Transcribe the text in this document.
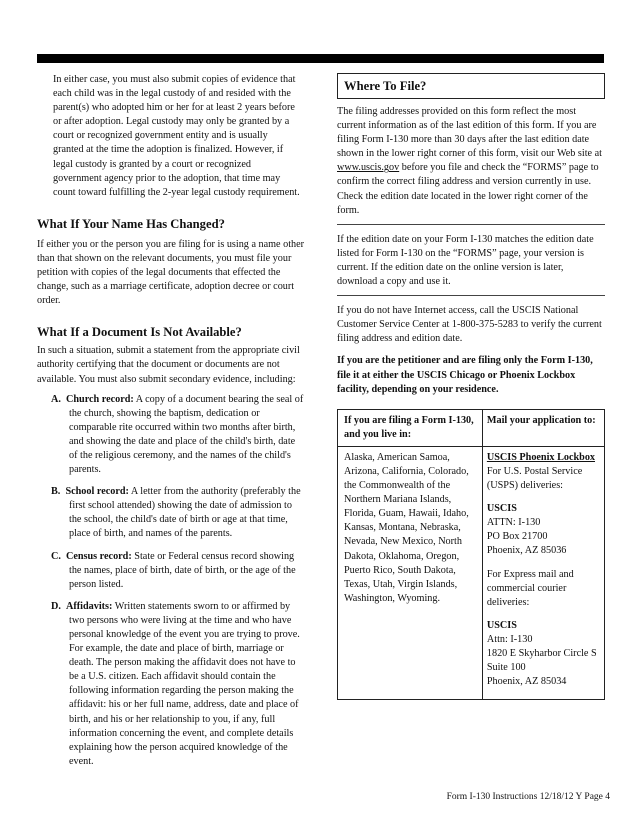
In either case, you must also submit copies of evidence that each child was in the legal custody of and resided with the parent(s) who adopted him or her for at least 2 years before or after adoption. Legal custody may only be granted by a court or recognized government entity and is usually granted at the time the adoption is finalized. However, if legal custody is granted by a court or recognized government agency prior to the adoption, that time may count toward fulfilling the 2-year legal custody requirement.

What If Your Name Has Changed?

If either you or the person you are filing for is using a name other than that shown on the relevant documents, you must file your petition with copies of the legal documents that effected the change, such as a marriage certificate, adoption decree or court order.

What If a Document Is Not Available?

In such a situation, submit a statement from the appropriate civil authority certifying that the document or documents are not available. You must also submit secondary evidence, including:

A. Church record: A copy of a document bearing the seal of the church, showing the baptism, dedication or comparable rite occurred within two months after birth, and showing the date and place of the child's birth, date of the religious ceremony, and the names of the child's parents.

B. School record: A letter from the authority (preferably the first school attended) showing the date of admission to the school, the child's date of birth or age at that time, place of birth, and names of the parents.

C. Census record: State or Federal census record showing the names, place of birth, date of birth, or the age of the person listed.

D. Affidavits: Written statements sworn to or affirmed by two persons who were living at the time and who have personal knowledge of the event you are trying to prove. For example, the date and place of birth, marriage or death. The person making the affidavit does not have to be a U.S. citizen. Each affidavit should contain the following information regarding the person making the affidavit: his or her full name, address, date and place of birth, and his or her relationship to you, if any, full information concerning the event, and complete details explaining how the person acquired knowledge of the event.

Where To File?

The filing addresses provided on this form reflect the most current information as of the last edition of this form. If you are filing Form I-130 more than 30 days after the last edition date shown in the lower right corner of this form, visit our Web site at www.uscis.gov before you file and check the “FORMS” page to confirm the correct filing address and version currently in use. Check the edition date located in the lower right corner of the form.

If the edition date on your Form I-130 matches the edition date listed for Form I-130 on the “FORMS” page, your version is current. If the edition date on the online version is later, download a copy and use it.

If you do not have Internet access, call the USCIS National Customer Service Center at 1-800-375-5283 to verify the current filing address and edition date.

If you are the petitioner and are filing only the Form I-130, file it at either the USCIS Chicago or Phoenix Lockbox facility, depending on your residence.

If you are filing a Form I-130, and you live in:

Mail your application to:

Alaska, American Samoa, Arizona, California, Colorado, the Commonwealth of the Northern Mariana Islands, Florida, Guam, Hawaii, Idaho, Kansas, Montana, Nebraska, Nevada, New Mexico, North Dakota, Oklahoma, Oregon, Puerto Rico, South Dakota, Texas, Utah, Virgin Islands, Washington, Wyoming.

USCIS Phoenix Lockbox

For U.S. Postal Service (USPS) deliveries:

USCIS

ATTN: I-130

PO Box 21700

Phoenix, AZ 85036

For Express mail and commercial courier deliveries:

USCIS

Attn: I-130

1820 E Skyharbor Circle S

Suite 100

Phoenix, AZ 85034

Form I-130 Instructions 12/18/12 Y Page 4
